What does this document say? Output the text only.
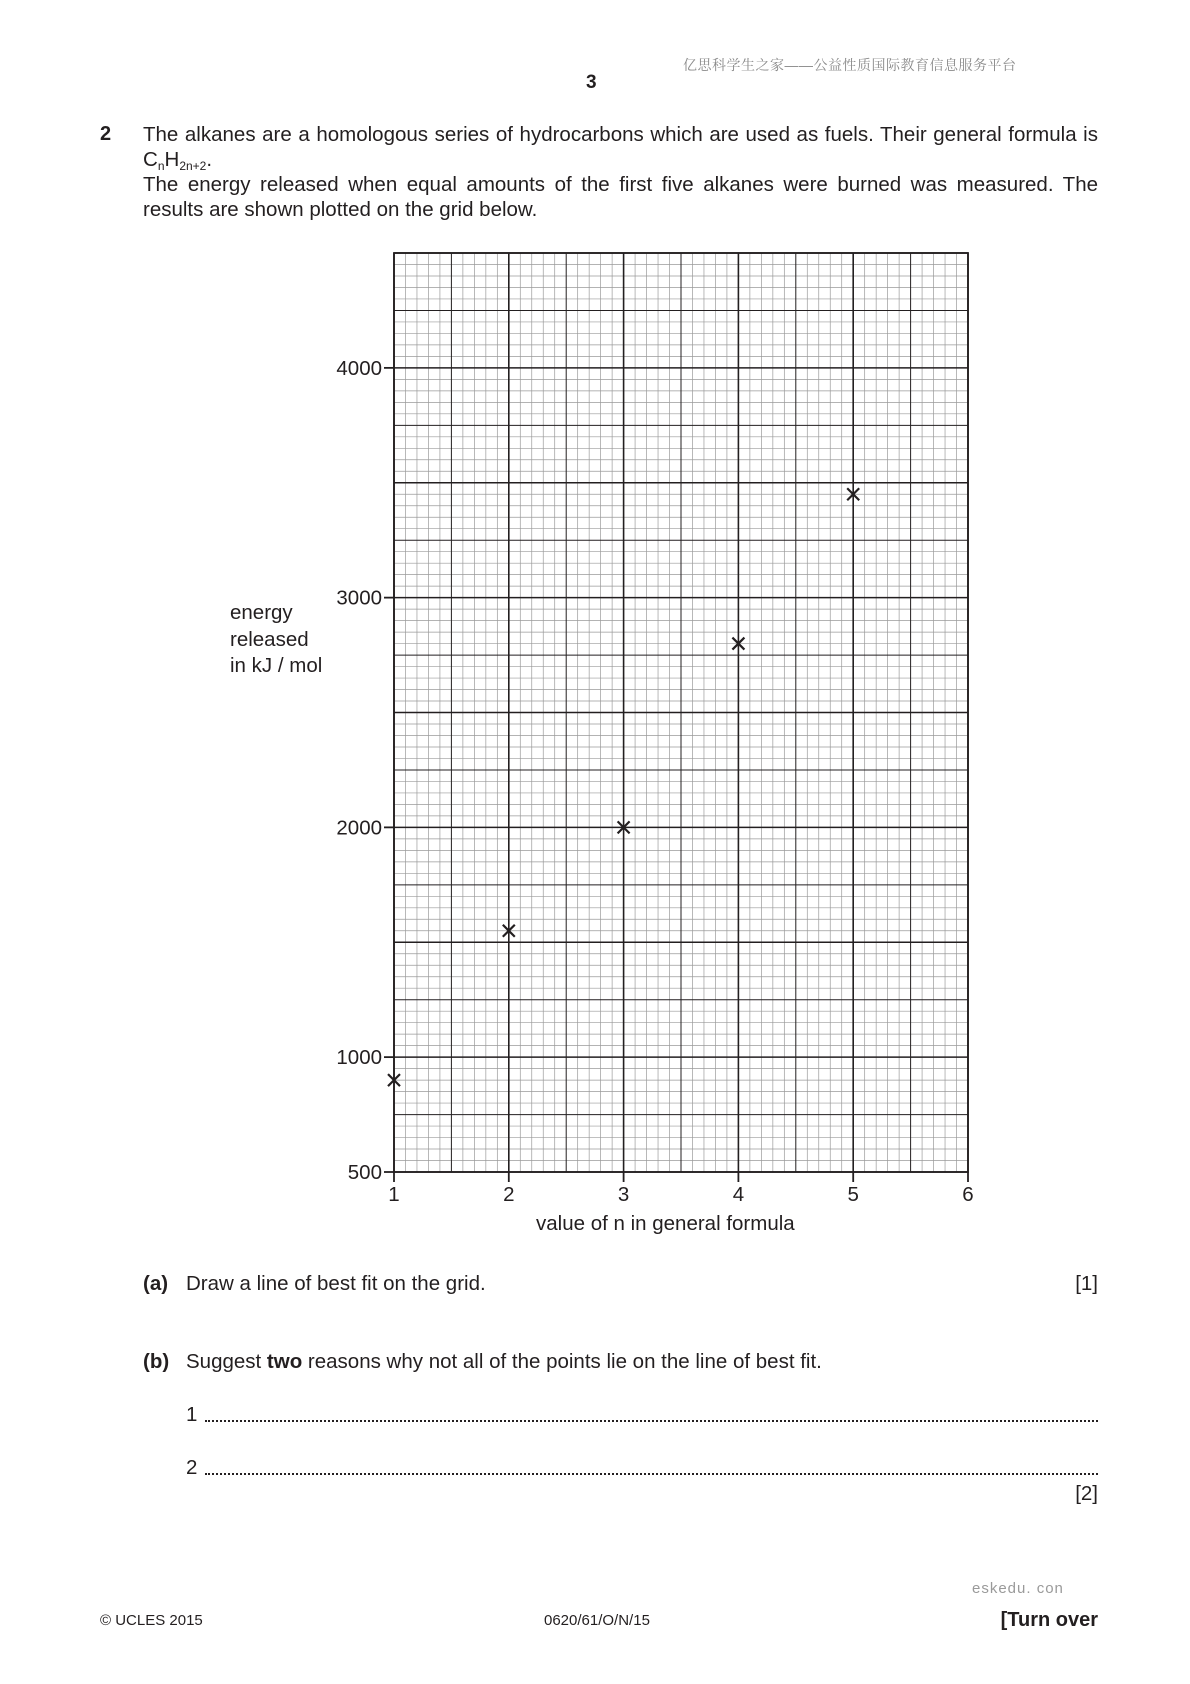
亿思科学生之家——公益性质国际教育信息服务平台
3
2 The alkanes are a homologous series of hydrocarbons which are used as fuels. Their general formula is $C_nH_{2n+2}$.

The energy released when equal amounts of the first five alkanes were burned was measured. The results are shown plotted on the grid below.

energy
released
in kJ / mol
500
1000
2000
3000
4000
1	2	3	4	5	6
value of n in general formula
(a) Draw a line of best fit on the grid.	[1]
(b) Suggest two reasons why not all of the points lie on the line of best fit.
1
2
[2]
eskedu. con
© UCLES 2015	0620/61/O/N/15	[Turn over
